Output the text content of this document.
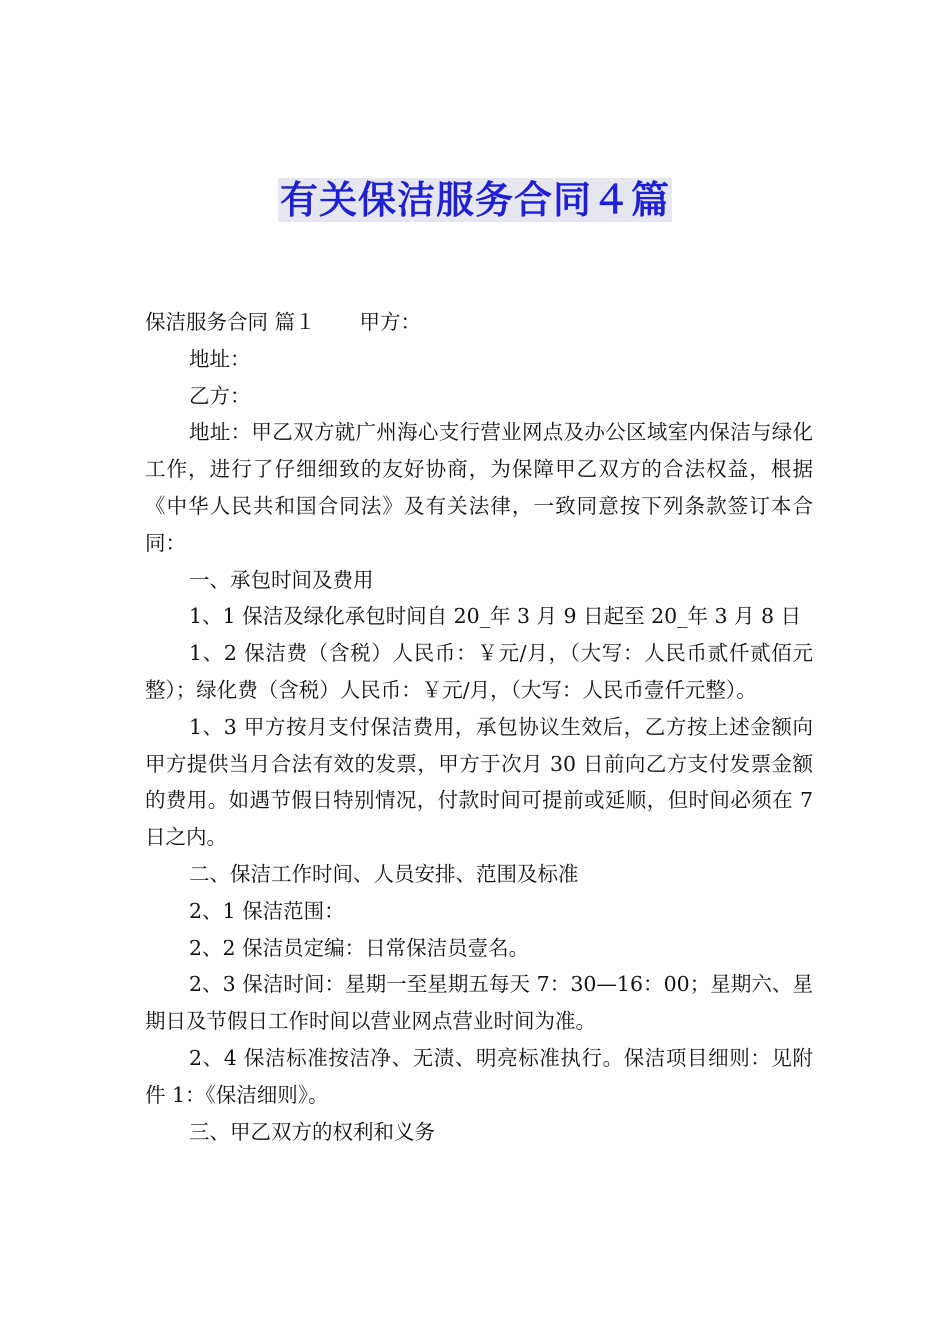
有关保洁服务合同４篇

保洁服务合同 篇１ 甲方：

地址：

乙方：

地址：甲乙双方就广州海心支行营业网点及办公区域室内保洁与绿化工作，进行了仔细细致的友好协商，为保障甲乙双方的合法权益，根据《中华人民共和国合同法》及有关法律，一致同意按下列条款签订本合同：

一、承包时间及费用

1、1 保洁及绿化承包时间自 20_年 3 月 9 日起至 20_年 3 月 8 日

1、2 保洁费（含税）人民币：￥元/月，（大写：人民币贰仟贰佰元整）；绿化费（含税）人民币：￥元/月，（大写：人民币壹仟元整）。

1、3 甲方按月支付保洁费用，承包协议生效后，乙方按上述金额向甲方提供当月合法有效的发票，甲方于次月 30 日前向乙方支付发票金额的费用。如遇节假日特别情况，付款时间可提前或延顺，但时间必须在 7 日之内。

二、保洁工作时间、人员安排、范围及标准

2、1 保洁范围：

2、2 保洁员定编：日常保洁员壹名。

2、3 保洁时间：星期一至星期五每天 7：30—16：00；星期六、星期日及节假日工作时间以营业网点营业时间为准。

2、4 保洁标准按洁净、无渍、明亮标准执行。保洁项目细则：见附件 1：《保洁细则》。

三、甲乙双方的权利和义务
